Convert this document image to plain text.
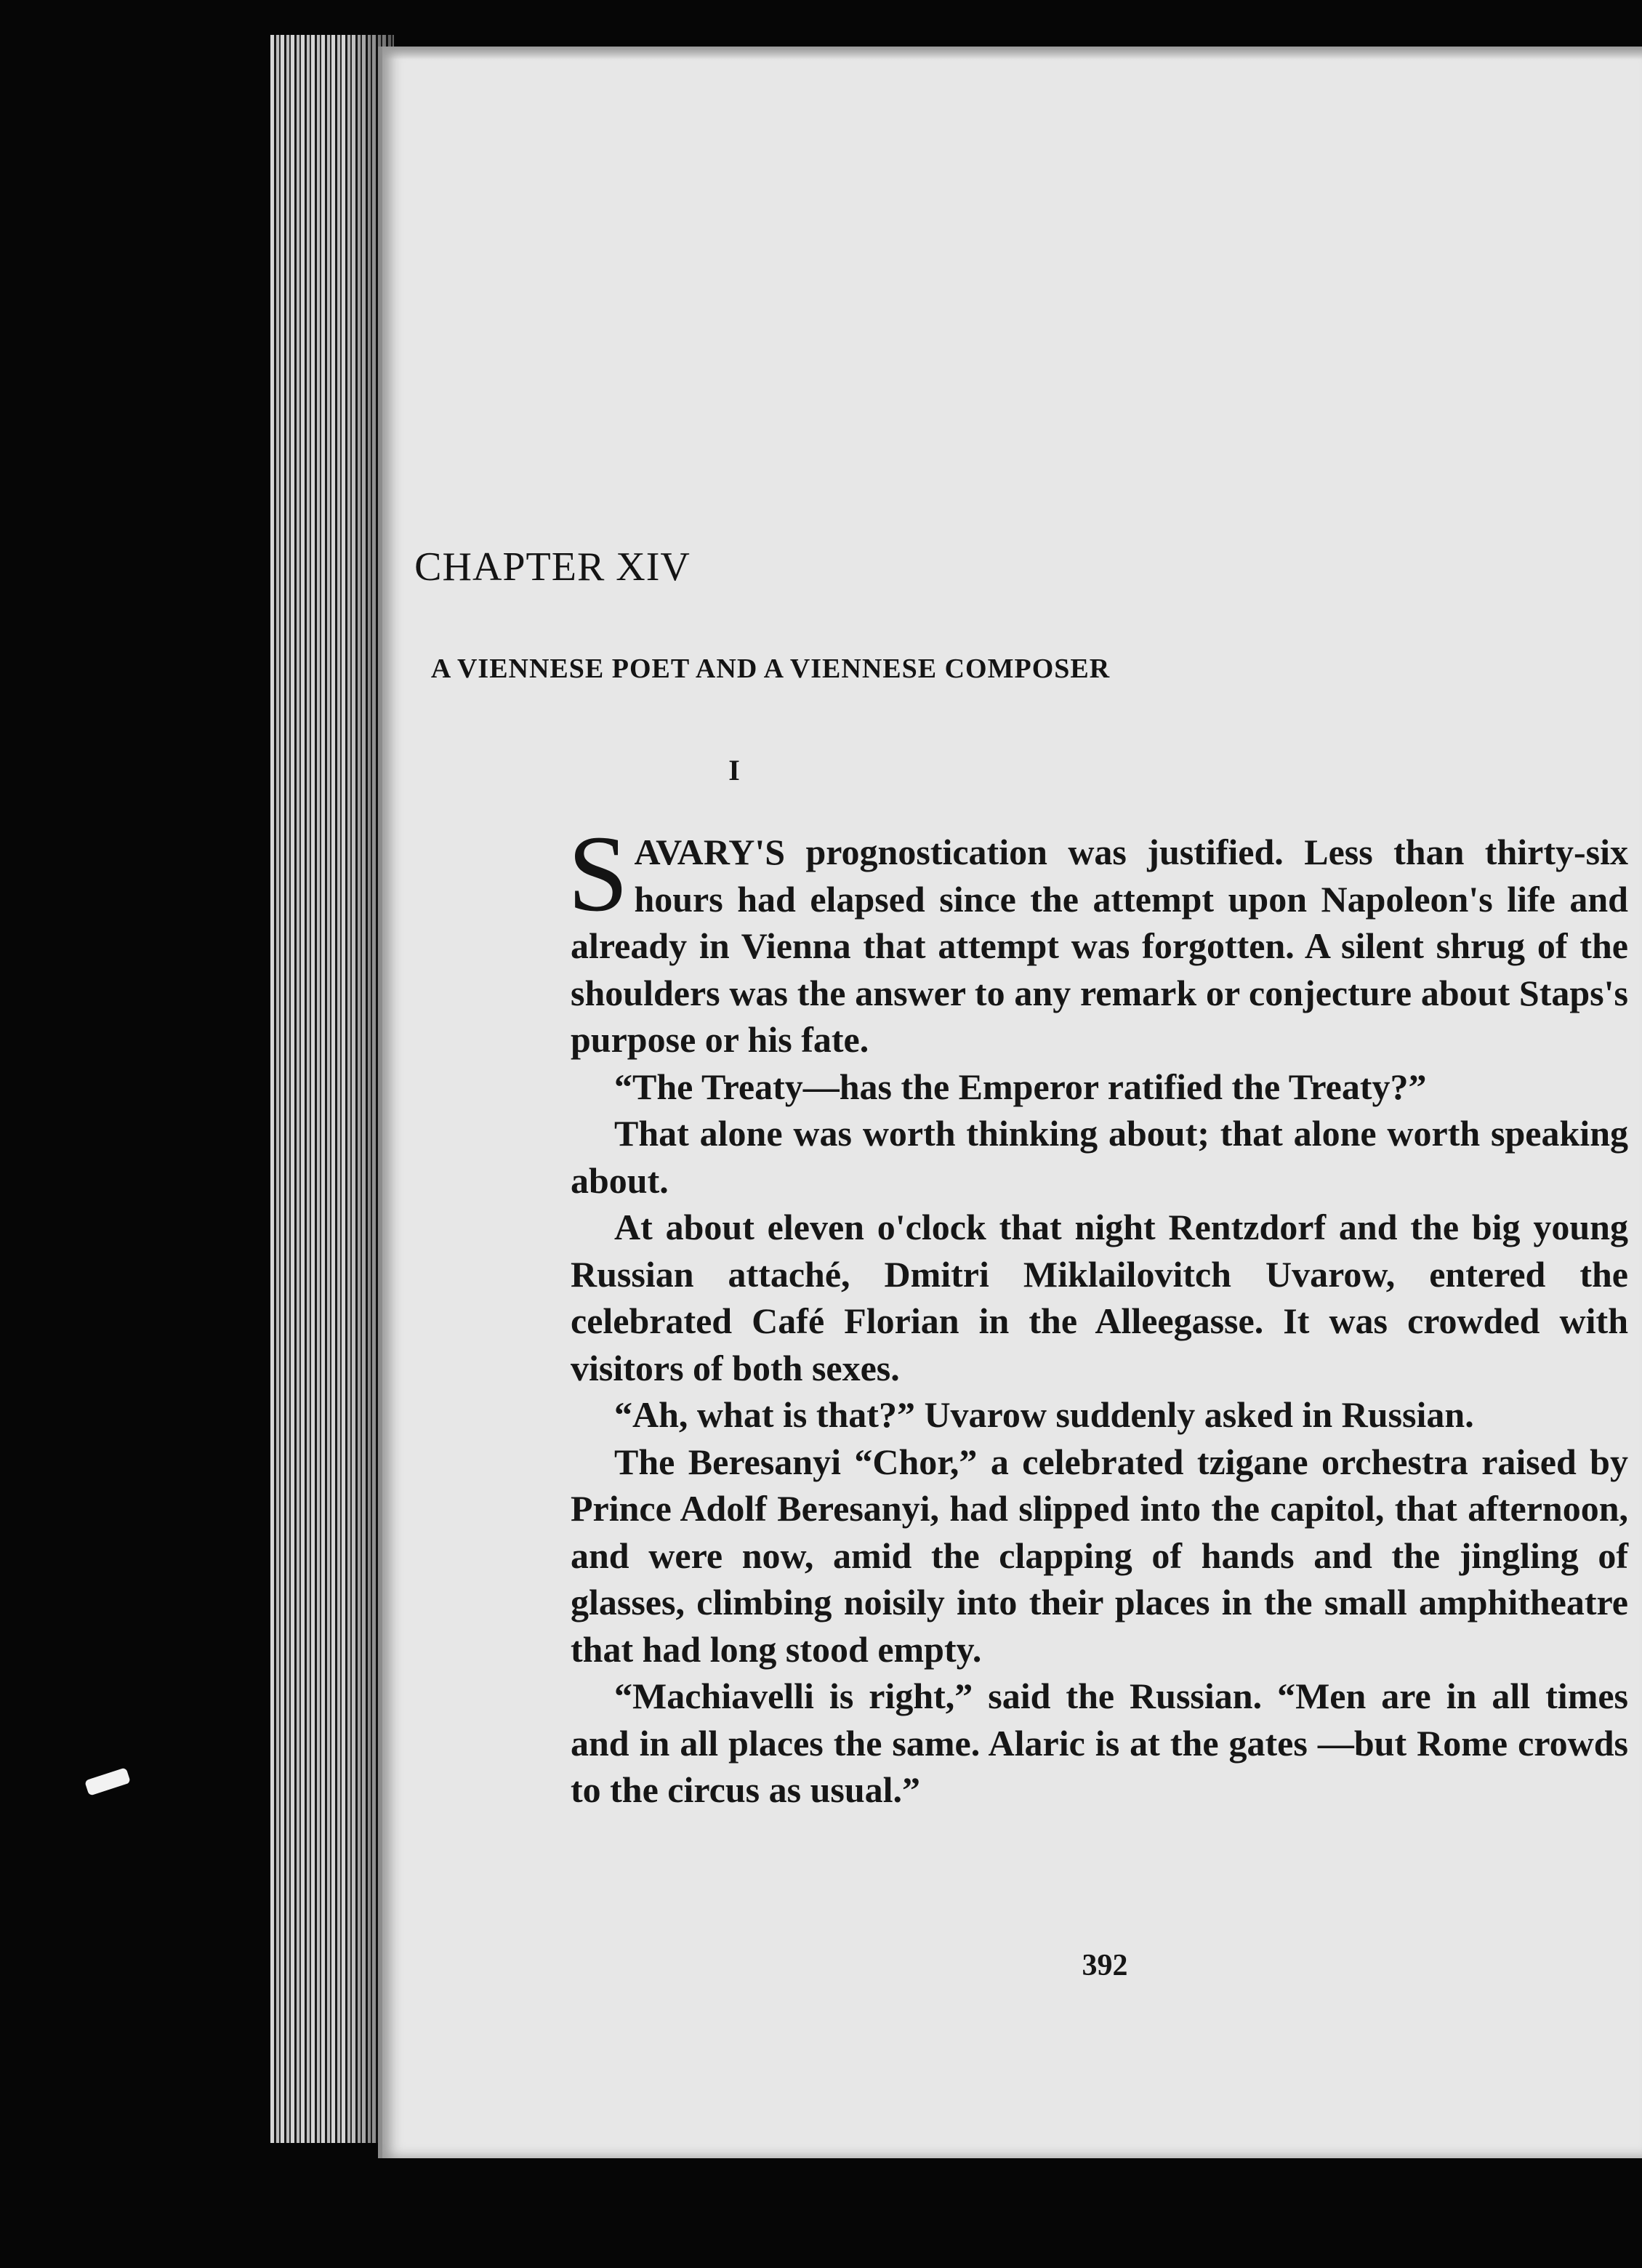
CHAPTER XIV
A VIENNESE POET AND A VIENNESE COMPOSER
I

SAVARY'S prognostication was justified. Less than thirty-six hours had elapsed since the attempt upon Napoleon's life and already in Vienna that attempt was forgotten. A silent shrug of the shoulders was the answer to any remark or conjecture about Staps's purpose or his fate.

“The Treaty—has the Emperor ratified the Treaty?”

That alone was worth thinking about; that alone worth speaking about.

At about eleven o'clock that night Rentzdorf and the big young Russian attaché, Dmitri Miklailovitch Uvarow, entered the celebrated Café Florian in the Alleegasse. It was crowded with visitors of both sexes.

“Ah, what is that?” Uvarow suddenly asked in Russian.

The Beresanyi “Chor,” a celebrated tzigane orchestra raised by Prince Adolf Beresanyi, had slipped into the capitol, that afternoon, and were now, amid the clapping of hands and the jingling of glasses, climbing noisily into their places in the small amphitheatre that had long stood empty.

“Machiavelli is right,” said the Russian. “Men are in all times and in all places the same. Alaric is at the gates —but Rome crowds to the circus as usual.”

392
